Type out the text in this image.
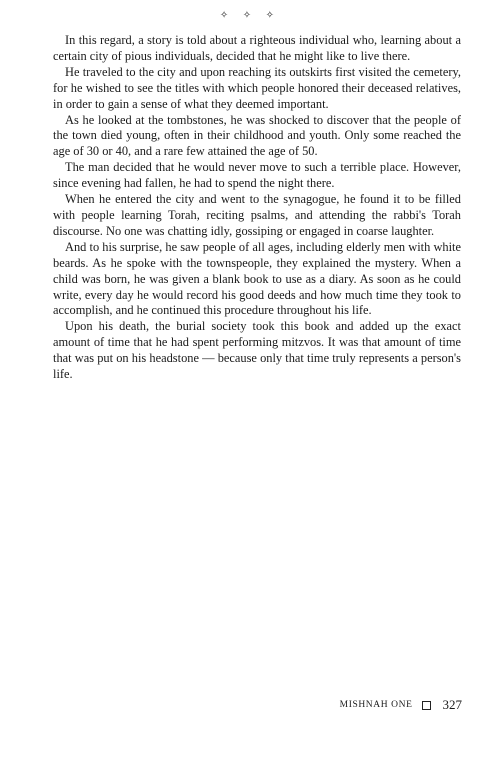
✧ ✧ ✧

In this regard, a story is told about a righteous individual who, learning about a certain city of pious individuals, decided that he might like to live there.

He traveled to the city and upon reaching its outskirts first visited the cemetery, for he wished to see the titles with which people honored their deceased relatives, in order to gain a sense of what they deemed important.

As he looked at the tombstones, he was shocked to discover that the people of the town died young, often in their childhood and youth. Only some reached the age of 30 or 40, and a rare few attained the age of 50.

The man decided that he would never move to such a terrible place. However, since evening had fallen, he had to spend the night there.

When he entered the city and went to the synagogue, he found it to be filled with people learning Torah, reciting psalms, and attending the rabbi's Torah discourse. No one was chatting idly, gossiping or engaged in coarse laughter.

And to his surprise, he saw people of all ages, including elderly men with white beards. As he spoke with the townspeople, they explained the mystery. When a child was born, he was given a blank book to use as a diary. As soon as he could write, every day he would record his good deeds and how much time they took to accomplish, and he continued this procedure throughout his life.

Upon his death, the burial society took this book and added up the exact amount of time that he had spent performing mitzvos. It was that amount of time that was put on his headstone — because only that time truly represents a person's life.

MISHNAH ONE 327
